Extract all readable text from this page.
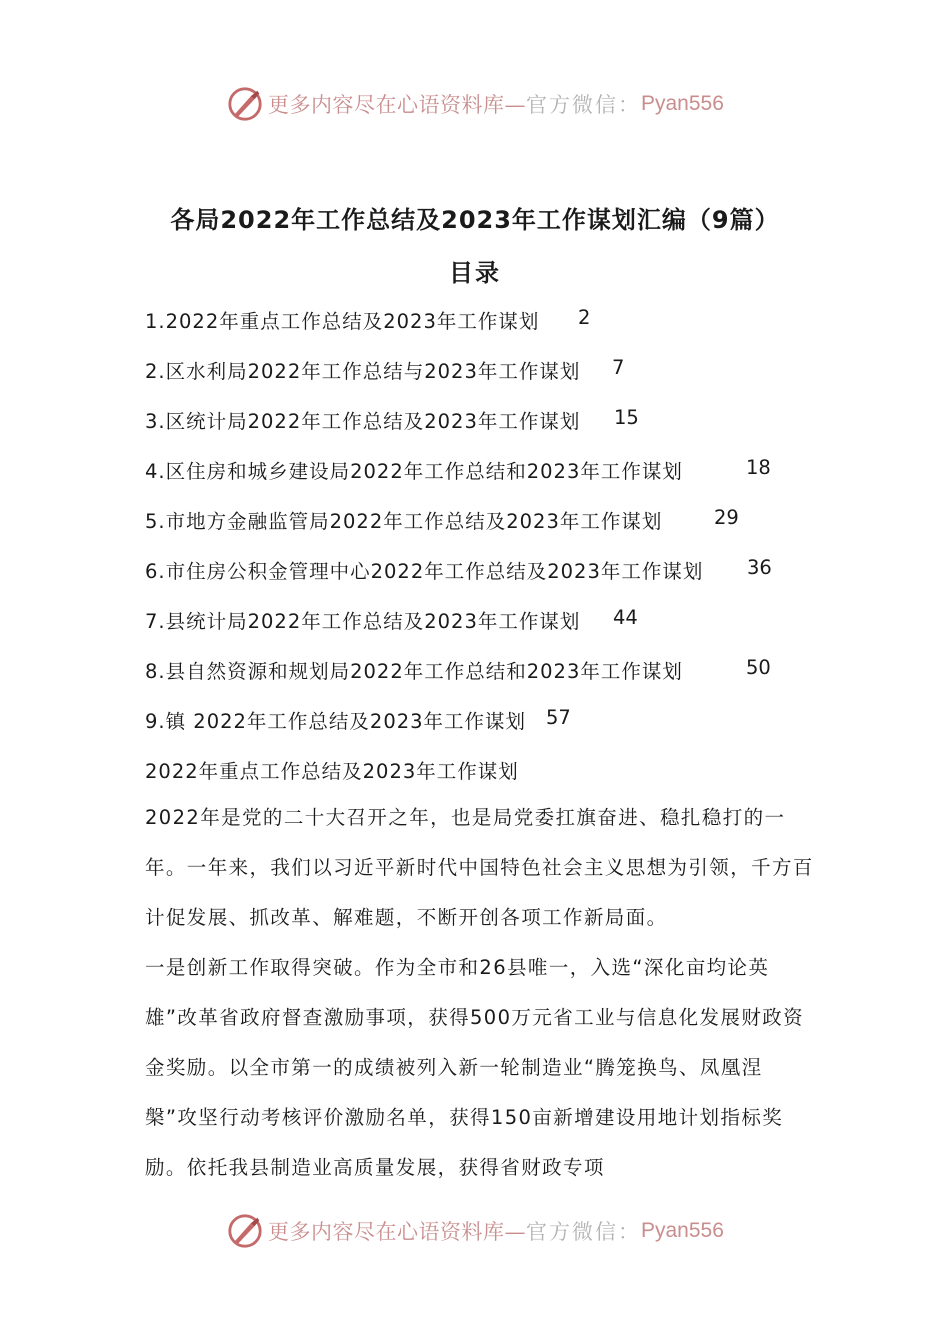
更多内容尽在心语资料库— 官方微信： Pyan556
各局2022年工作总结及2023年工作谋划汇编（9篇）
目录
1.2022年重点工作总结及2023年工作谋划 2
2.区水利局2022年工作总结与2023年工作谋划 7
3.区统计局2022年工作总结及2023年工作谋划 15
4.区住房和城乡建设局2022年工作总结和2023年工作谋划	18
5.市地方金融监管局2022年工作总结及2023年工作谋划	29
6.市住房公积金管理中心2022年工作总结及2023年工作谋划 36
7.县统计局2022年工作总结及2023年工作谋划 44
8.县自然资源和规划局2022年工作总结和2023年工作谋划	50
9.镇 2022年工作总结及2023年工作谋划 57
2022年重点工作总结及2023年工作谋划
2022年是党的二十大召开之年，也是局党委扛旗奋进、稳扎稳打的一年。一年来，我们以习近平新时代中国特色社会主义思想为引领，千方百计促发展、抓改革、解难题，不断开创各项工作新局面。
一是创新工作取得突破。作为全市和26县唯一，入选“深化亩均论英雄”改革省政府督查激励事项，获得500万元省工业与信息化发展财政资金奖励。以全市第一的成绩被列入新一轮制造业“腾笼换鸟、凤凰涅槃”攻坚行动考核评价激励名单，获得150亩新增建设用地计划指标奖励。依托我县制造业高质量发展，获得省财政专项
更多内容尽在心语资料库— 官方微信： Pyan556
